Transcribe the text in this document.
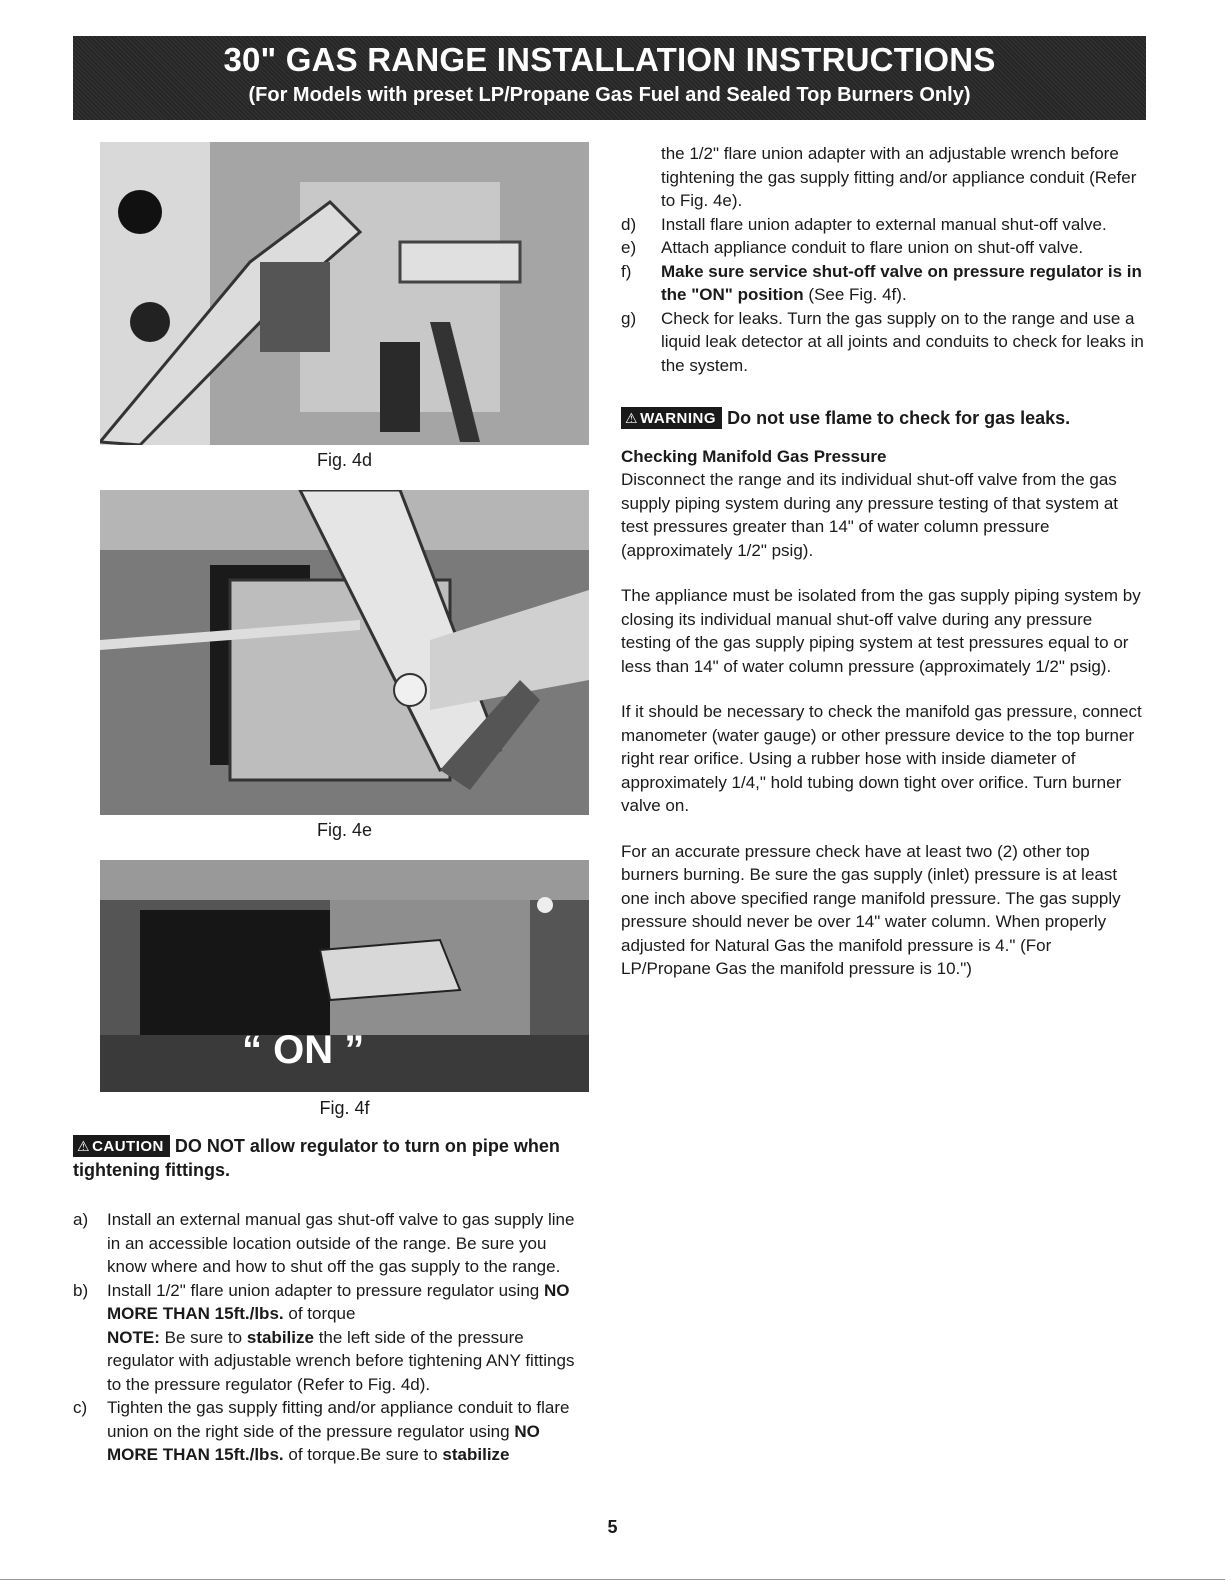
30" GAS RANGE INSTALLATION INSTRUCTIONS
(For Models with preset LP/Propane Gas Fuel and Sealed Top Burners Only)
Fig. 4d
Fig. 4e
“ ON ”
Fig. 4f

⚠ CAUTION DO NOT allow regulator to turn on pipe when tightening fittings.

a) Install an external manual gas shut-off valve to gas supply line in an accessible location outside of the range. Be sure you know where and how to shut off the gas supply to the range.
b) Install 1/2" flare union adapter to pressure regulator using NO MORE THAN 15ft./lbs. of torque
NOTE: Be sure to stabilize the left side of the pressure regulator with adjustable wrench before tightening ANY fittings to the pressure regulator (Refer to Fig. 4d).
c) Tighten the gas supply fitting and/or appliance conduit to flare union on the right side of the pressure regulator using NO MORE THAN 15ft./lbs. of torque.Be sure to stabilize

the 1/2" flare union adapter with an adjustable wrench before tightening the gas supply fitting and/or appliance conduit (Refer to Fig. 4e).

d) Install flare union adapter to external manual shut-off valve.
e) Attach appliance conduit to flare union on shut-off valve.
f) Make sure service shut-off valve on pressure regulator is in the "ON" position (See Fig. 4f).
g) Check for leaks. Turn the gas supply on to the range and use a liquid leak detector at all joints and conduits to check for leaks in the system.

⚠ WARNING Do not use flame to check for gas leaks.

Checking Manifold Gas Pressure

Disconnect the range and its individual shut-off valve from the gas supply piping system during any pressure testing of that system at test pressures greater than 14" of water column pressure (approximately 1/2" psig).

The appliance must be isolated from the gas supply piping system by closing its individual manual shut-off valve during any pressure testing of the gas supply piping system at test pressures equal to or less than 14" of water column pressure (approximately 1/2" psig).

If it should be necessary to check the manifold gas pressure, connect manometer (water gauge) or other pressure device to the top burner right rear orifice. Using a rubber hose with inside diameter of approximately 1/4," hold tubing down tight over orifice. Turn burner valve on.

For an accurate pressure check have at least two (2) other top burners burning. Be sure the gas supply (inlet) pressure is at least one inch above specified range manifold pressure. The gas supply pressure should never be over 14" water column. When properly adjusted for Natural Gas the manifold pressure is 4." (For LP/Propane Gas the manifold pressure is 10.")

5
